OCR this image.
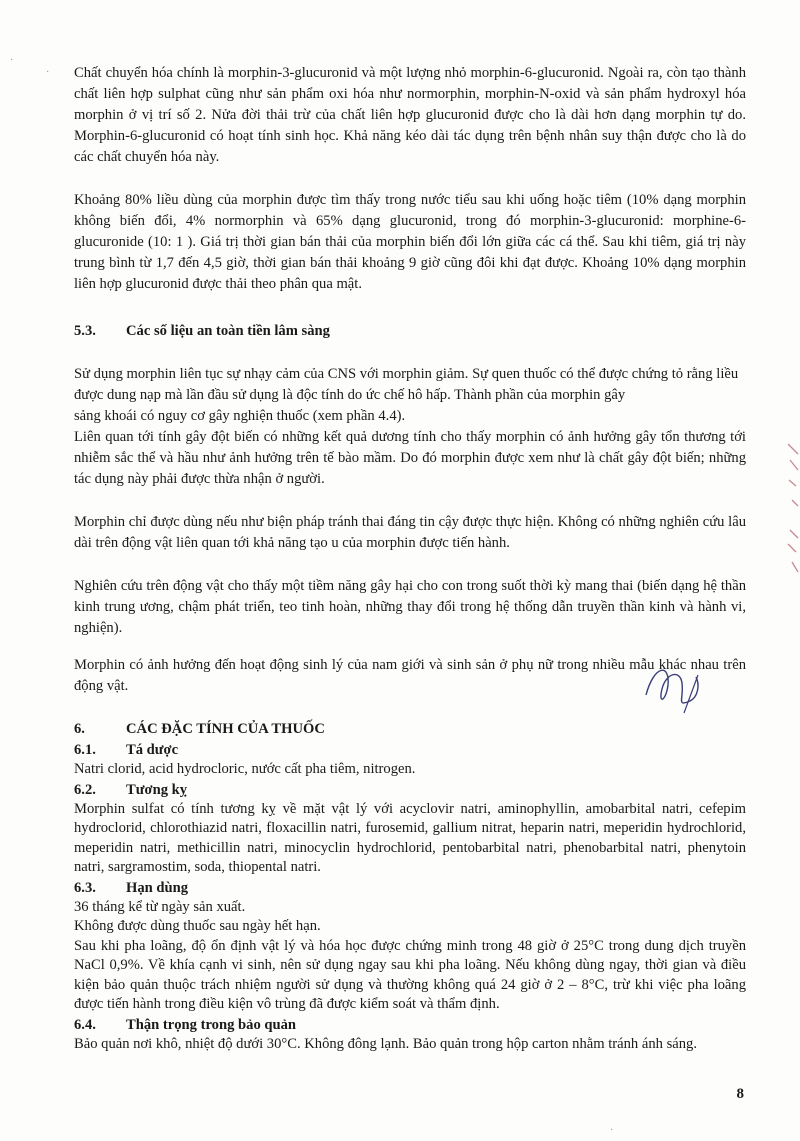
Chất chuyển hóa chính là morphin-3-glucuronid và một lượng nhỏ morphin-6-glucuronid. Ngoài ra, còn tạo thành chất liên hợp sulphat cũng như sản phẩm oxi hóa như normorphin, morphin-N-oxid và sản phẩm hydroxyl hóa morphin ở vị trí số 2. Nửa đời thải trừ của chất liên hợp glucuronid được cho là dài hơn dạng morphin tự do. Morphin-6-glucuronid có hoạt tính sinh học. Khả năng kéo dài tác dụng trên bệnh nhân suy thận được cho là do các chất chuyển hóa này.

Khoảng 80% liều dùng của morphin được tìm thấy trong nước tiểu sau khi uống hoặc tiêm (10% dạng morphin không biến đổi, 4% normorphin và 65% dạng glucuronid, trong đó morphin-3-glucuronid: morphine-6-glucuronide (10: 1 ). Giá trị thời gian bán thải của morphin biến đổi lớn giữa các cá thể. Sau khi tiêm, giá trị này trung bình từ 1,7 đến 4,5 giờ, thời gian bán thải khoảng 9 giờ cũng đôi khi đạt được. Khoảng 10% dạng morphin liên hợp glucuronid được thải theo phân qua mật.

5.3. Các số liệu an toàn tiền lâm sàng

Sử dụng morphin liên tục sự nhạy cảm của CNS với morphin giảm. Sự quen thuốc có thể được chứng tỏ rằng liều được dung nạp mà lần đầu sử dụng là độc tính do ức chế hô hấp. Thành phần của morphin gây

sảng khoái có nguy cơ gây nghiện thuốc (xem phần 4.4).

Liên quan tới tính gây đột biến có những kết quả dương tính cho thấy morphin có ảnh hưởng gây tổn thương tới nhiễm sắc thể và hầu như ảnh hưởng trên tế bào mầm. Do đó morphin được xem như là chất gây đột biến; những tác dụng này phải được thừa nhận ở người.

Morphin chỉ được dùng nếu như biện pháp tránh thai đáng tin cậy được thực hiện. Không có những nghiên cứu lâu dài trên động vật liên quan tới khả năng tạo u của morphin được tiến hành.

Nghiên cứu trên động vật cho thấy một tiềm năng gây hại cho con trong suốt thời kỳ mang thai (biến dạng hệ thần kinh trung ương, chậm phát triển, teo tinh hoàn, những thay đổi trong hệ thống dẫn truyền thần kinh và hành vi, nghiện).

Morphin có ảnh hưởng đến hoạt động sinh lý của nam giới và sinh sản ở phụ nữ trong nhiều mẫu khác nhau trên động vật.

6.	CÁC ĐẶC TÍNH CỦA THUỐC
6.1. Tá dược

Natri clorid, acid hydrocloric, nước cất pha tiêm, nitrogen.

6.2. Tương kỵ

Morphin sulfat có tính tương kỵ về mặt vật lý với acyclovir natri, aminophyllin, amobarbital natri, cefepim hydroclorid, chlorothiazid natri, floxacillin natri, furosemid, gallium nitrat, heparin natri, meperidin hydrochlorid, meperidin natri, methicillin natri, minocyclin hydrochlorid, pentobarbital natri, phenobarbital natri, phenytoin natri, sargramostim, soda, thiopental natri.

6.3. Hạn dùng

36 tháng kể từ ngày sản xuất.

Không được dùng thuốc sau ngày hết hạn.

Sau khi pha loãng, độ ổn định vật lý và hóa học được chứng minh trong 48 giờ ở 25°C trong dung dịch truyền NaCl 0,9%. Về khía cạnh vi sinh, nên sử dụng ngay sau khi pha loãng. Nếu không dùng ngay, thời gian và điều kiện bảo quản thuộc trách nhiệm người sử dụng và thường không quá 24 giờ ở 2 – 8°C, trừ khi việc pha loãng được tiến hành trong điều kiện vô trùng đã được kiểm soát và thẩm định.

6.4. Thận trọng trong bảo quản

Bảo quản nơi khô, nhiệt độ dưới 30°C. Không đông lạnh. Bảo quản trong hộp carton nhằm tránh ánh sáng.

·
·
·
8
